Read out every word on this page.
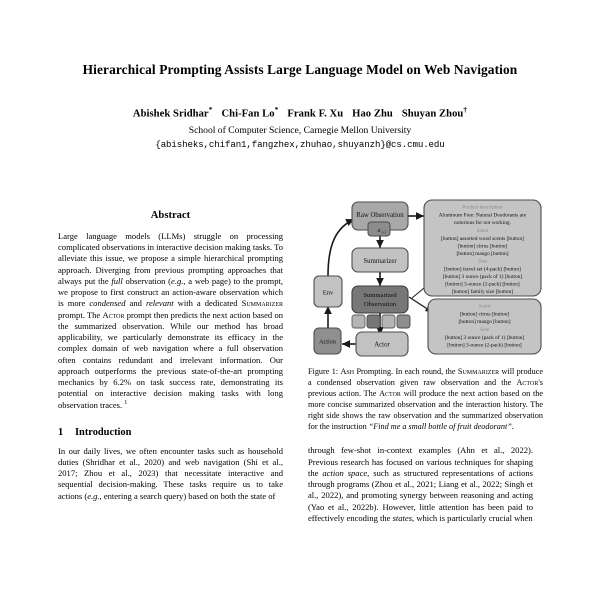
Hierarchical Prompting Assists Large Language Model on Web Navigation
Abishek Sridhar* Chi-Fan Lo* Frank F. Xu Hao Zhu Shuyan Zhou†
School of Computer Science, Carnegie Mellon University
{abisheks,chifan1,fangzhex,zhuhao,shuyanzh}@cs.cmu.edu
Abstract

Large language models (LLMs) struggle on processing complicated observations in interactive decision making tasks. To alleviate this issue, we propose a simple hierarchical prompting approach. Diverging from previous prompting approaches that always put the full observation (e.g., a web page) to the prompt, we propose to first construct an action-aware observation which is more condensed and relevant with a dedicated Summarizer prompt. The Actor prompt then predicts the next action based on the summarized observation. While our method has broad applicability, we particularly demonstrate its efficacy in the complex domain of web navigation where a full observation often contains redundant and irrelevant information. Our approach outperforms the previous state-of-the-art prompting mechanics by 6.2% on task success rate, demonstrating its potential on interactive decision making tasks with long observation traces. $^1$

1 Introduction

In our daily lives, we often encounter tasks such as household duties (Shridhar et al., 2020) and web navigation (Shi et al., 2017; Zhou et al., 2023) that necessitate interactive and sequential decision-making. These tasks require us to take actions (e.g., entering a search query) based on both the state of

Env
Action
Raw Observation
a t-1
Summarizer
Summarized
Observation
Actor
Product description
Aluminum Free: Natural Deodorants are
notorious for not working.
Scent
[button] assorted wood scents [button]
[button] citrus [button]
[button] mango [button]
Size
[button] travel set (4-pack) [button]
[button] 3 ounce (pack of 1) [button]
[button] 3-ounce (2-pack) [button]
[button] family size [button]
Scent
[button] citrus [button]
[button] mango [button]
Size
[button] 3 ounce (pack of 1) [button]
[button] 3-ounce (2-pack) [button]
Figure 1: Ash Prompting. In each round, the Summarizer will produce a condensed observation given raw observation and the Actor's previous action. The Actor will produce the next action based on the more concise summarized observation and the interaction history. The right side shows the raw observation and the summarized observation for the instruction “Find me a small bottle of fruit deodorant”.

through few-shot in-context examples (Ahn et al., 2022). Previous research has focused on various techniques for shaping the action space, such as structured representations of actions through programs (Zhou et al., 2021; Liang et al., 2022; Singh et al., 2022), and promoting synergy between reasoning and acting (Yao et al., 2022b). However, little attention has been paid to effectively encoding the states, which is particularly crucial when
